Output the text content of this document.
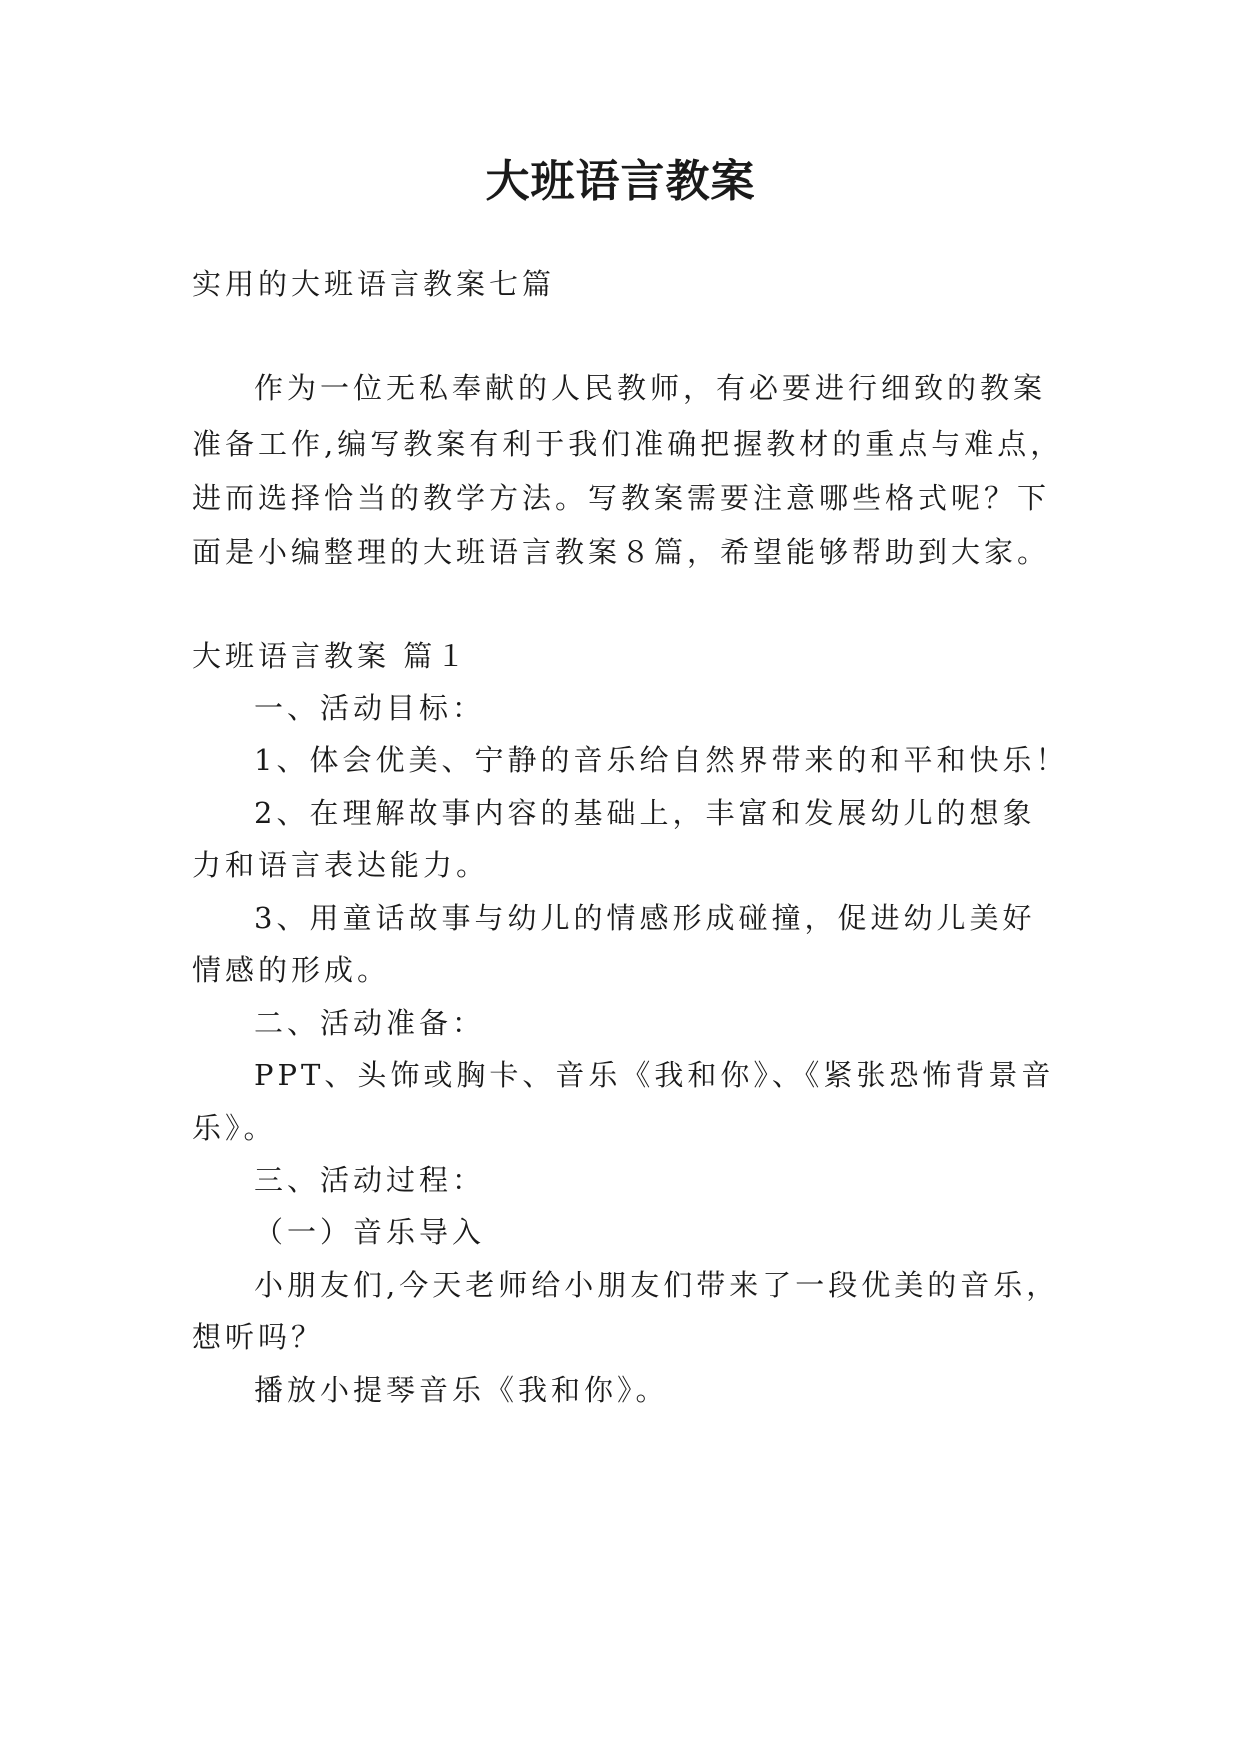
大班语言教案
实用的大班语言教案七篇
作为一位无私奉献的人民教师，有必要进行细致的教案
准备工作,编写教案有利于我们准确把握教材的重点与难点，
进而选择恰当的教学方法。写教案需要注意哪些格式呢？下
面是小编整理的大班语言教案８篇，希望能够帮助到大家。
大班语言教案 篇１
一、活动目标：
1、体会优美、宁静的音乐给自然界带来的和平和快乐！
2、在理解故事内容的基础上，丰富和发展幼儿的想象
力和语言表达能力。
3、用童话故事与幼儿的情感形成碰撞，促进幼儿美好
情感的形成。
二、活动准备：
PPT、头饰或胸卡、音乐《我和你》、《紧张恐怖背景音
乐》。
三、活动过程：
（一）音乐导入
小朋友们,今天老师给小朋友们带来了一段优美的音乐，
想听吗？
播放小提琴音乐《我和你》。
